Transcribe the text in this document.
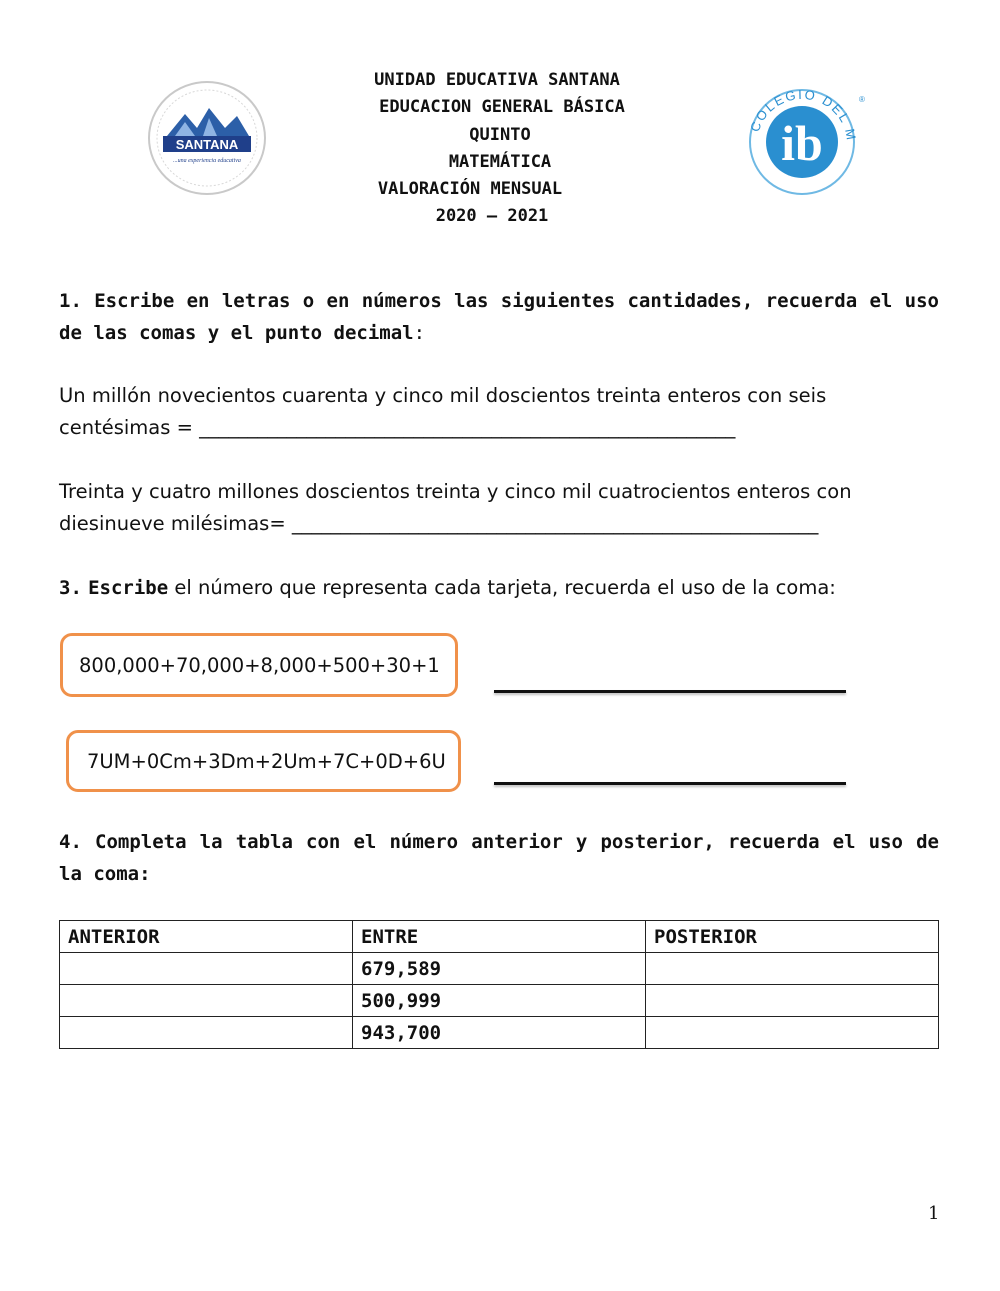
SANTANA
...una experiencia educativa
COLEGIO DEL M
ib
®
UNIDAD EDUCATIVA SANTANA
EDUCACION GENERAL BÁSICA
QUINTO
MATEMÁTICA
VALORACIÓN MENSUAL
2020 – 2021
1. Escribe en letras o en números las siguientes cantidades, recuerda el uso de las comas y el punto decimal:
Un millón novecientos cuarenta y cinco mil doscientos treinta enteros con seis
centésimas = _______________________________________________________
Treinta y cuatro millones doscientos treinta y cinco mil cuatrocientos enteros con
diesinueve milésimas= ______________________________________________________
3. Escribe el número que representa cada tarjeta, recuerda el uso de la coma:
800,000+70,000+8,000+500+30+1
7UM+0Cm+3Dm+2Um+7C+0D+6U
4. Completa la tabla con el número anterior y posterior, recuerda el uso de la coma:
ANTERIOR	ENTRE	POSTERIOR
	679,589	
	500,999	
	943,700	
1
